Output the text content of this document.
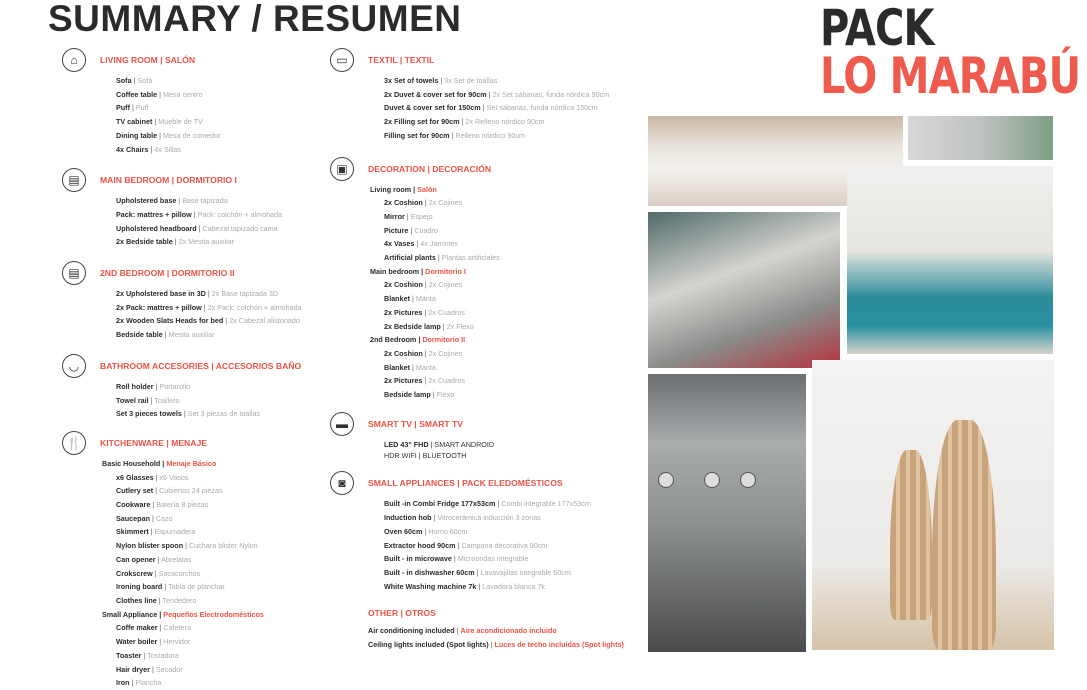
SUMMARY / RESUMEN	PACK
LO MARABÚ
⌂	LIVING ROOM | SALÓN
Sofa | Sofá
Coffee table | Mesa centro
Puff | Puff
TV cabinet | Mueble de TV
Dining table | Mesa de comedor
4x Chairs | 4x Sillas
▤	MAIN BEDROOM | DORMITORIO I
Upholstered base | Base tapizada
Pack: mattres + pillow | Pack: colchón + almohada
Upholstered headboard | Cabezal tapizado cama
2x Bedside table | 2x Mesita auxiliar
▤	2ND BEDROOM | DORMITORIO II
2x Upholstered base in 3D | 2x Base tapizada 3D
2x Pack: mattres + pillow | 2x Pack: colchón + almohada
2x Wooden Slats Heads for bed | 2x Cabezal alistonado
Bedside table | Mesita auxiliar
◡	BATHROOM ACCESORIES | ACCESORIOS BAÑO
Roll holder | Portarollo
Towel rail | Toallero
Set 3 pieces towels | Set 3 piezas de toallas
🍴	KITCHENWARE | MENAJE
Basic Household | Menaje Básico
x6 Glasses | x6 Vasos
Cutlery set | Cubiertos 24 piezas
Cookware | Batería 8 piezas
Saucepan | Cazo
Skimmert | Espumadera
Nylon blister spoon | Cuchara blister Nylon
Can opener | Abrelatas
Crokscrew | Sacacorchos
Ironing board | Tabla de planchar
Clothes line | Tendedero
Small Appliance | Pequeños Electrodomésticos
Coffe maker | Cafetera
Water boiler | Hervidor
Toaster | Tostadora
Hair dryer | Secador
Iron | Plancha
▭	TEXTIL | TEXTIL
3x Set of towels | 3x Set de toallas
2x Duvet & cover set for 90cm | 2x Set sábanas, funda nórdica 90cm
Duvet & cover set for 150cm | Set sábanas, funda nórdica 150cm
2x Filling set for 90cm | 2x Relleno nórdico 90cm
Filling set for 90cm | Relleno nórdico 90cm
▣	DECORATION | DECORACIÓN
Living room | Salón
2x Coshion | 2x Cojines
Mirror | Espejo
Picture | Cuadro
4x Vases | 4x Jarrones
Artificial plants | Plantas artificiales
Main bedroom | Dormitorio I
2x Coshion | 2x Cojines
Blanket | Manta
2x Pictures | 2x Cuadros
2x Bedside lamp | 2x Flexo
2nd Bedroom | Dormitorio II
2x Coshion | 2x Cojines
Blanket | Manta
2x Pictures | 2x Cuadros
Bedside lamp | Flexo
▬	SMART TV | SMART TV
LED 43" FHD | SMART ANDROID
HDR WIFI | BLUETOOTH
◙	SMALL APPLIANCES | PACK ELEDOMÉSTICOS
Built -in Combi Fridge 177x53cm | Combi integrable 177x53cm
Induction hob | Vitrocerámica inducción 3 zonas
Oven 60cm | Horno 60cm
Extractor hood 90cm | Campana decorativa 90cm
Built - in microwave | Microondas integrable
Built - in dishwasher 60cm | Lavavajillas integrable 60cm
White Washing machine 7k | Lavadora blanca 7k
OTHER | OTROS
Air conditioning included | Aire acondicionado incluido
Ceiling lights included (Spot lights) | Luces de techo incluidas (Spot lights)
